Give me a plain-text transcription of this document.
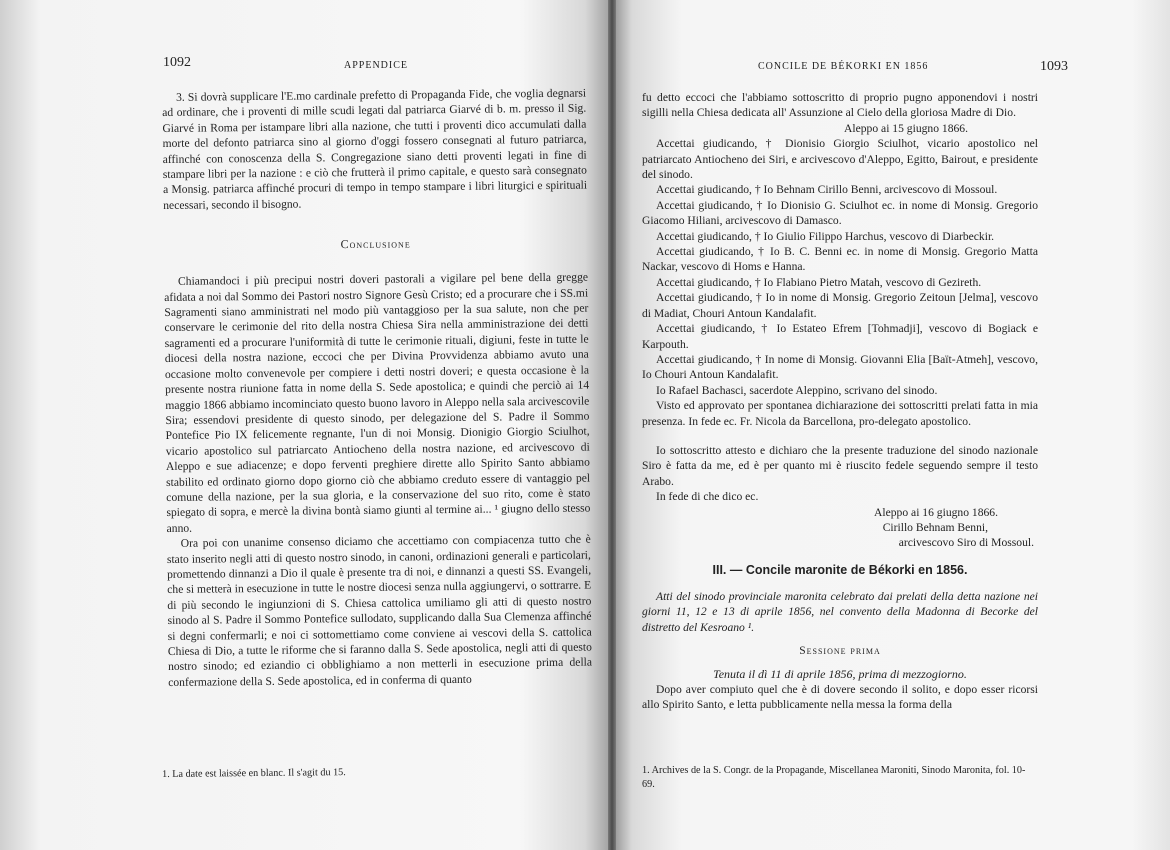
1092	APPENDICE

3. Si dovrà supplicare l'E.mo cardinale prefetto di Propaganda Fide, che voglia degnarsi ad ordinare, che i proventi di mille scudi legati dal patriarca Giarvé di b. m. presso il Sig. Giarvé in Roma per istampare libri alla nazione, che tutti i proventi dico accumulati dalla morte del defonto patriarca sino al giorno d'oggi fossero consegnati al futuro patriarca, affinché con conoscenza della S. Congregazione siano detti proventi legati in fine di stampare libri per la nazione : e ciò che frutterà il primo capitale, e questo sarà consegnato a Monsig. patriarca affinché procuri di tempo in tempo stampare i libri liturgici e spirituali necessari, secondo il bisogno.

Conclusione

Chiamandoci i più precipui nostri doveri pastorali a vigilare pel bene della gregge afidata a noi dal Sommo dei Pastori nostro Signore Gesù Cristo; ed a procurare che i SS.mi Sagramenti siano amministrati nel modo più vantaggioso per la sua salute, non che per conservare le cerimonie del rito della nostra Chiesa Sira nella amministrazione dei detti sagramenti ed a procurare l'uniformità di tutte le cerimonie rituali, digiuni, feste in tutte le diocesi della nostra nazione, eccoci che per Divina Provvidenza abbiamo avuto una occasione molto convenevole per compiere i detti nostri doveri; e questa occasione è la presente nostra riunione fatta in nome della S. Sede apostolica; e quindi che perciò ai 14 maggio 1866 abbiamo incominciato questo buono lavoro in Aleppo nella sala arcivescovile Sira; essendovi presidente di questo sinodo, per delegazione del S. Padre il Sommo Pontefice Pio IX felicemente regnante, l'un di noi Monsig. Dionigio Giorgio Sciulhot, vicario apostolico sul patriarcato Antiocheno della nostra nazione, ed arcivescovo di Aleppo e sue adiacenze; e dopo ferventi preghiere dirette allo Spirito Santo abbiamo stabilito ed ordinato giorno dopo giorno ciò che abbiamo creduto essere di vantaggio pel comune della nazione, per la sua gloria, e la conservazione del suo rito, come è stato spiegato di sopra, e mercè la divina bontà siamo giunti al termine ai... ¹ giugno dello stesso anno.

Ora poi con unanime consenso diciamo che accettiamo con compiacenza tutto che è stato inserito negli atti di questo nostro sinodo, in canoni, ordinazioni generali e particolari, promettendo dinnanzi a Dio il quale è presente tra di noi, e dinnanzi a questi SS. Evangeli, che si metterà in esecuzione in tutte le nostre diocesi senza nulla aggiungervi, o sottrarre. E di più secondo le ingiunzioni di S. Chiesa cattolica umiliamo gli atti di questo nostro sinodo al S. Padre il Sommo Pontefice sullodato, supplicando dalla Sua Clemenza affinché si degni confermarli; e noi ci sottomettiamo come conviene ai vescovi della S. cattolica Chiesa di Dio, a tutte le riforme che si faranno dalla S. Sede apostolica, negli atti di questo nostro sinodo; ed eziandio ci obblighiamo a non metterli in esecuzione prima della confermazione della S. Sede apostolica, ed in conferma di quanto

1. La date est laissée en blanc. Il s'agit du 15.

CONCILE DE BÉKORKI EN 1856	1093

fu detto eccoci che l'abbiamo sottoscritto di proprio pugno apponendovi i nostri sigilli nella Chiesa dedicata all' Assunzione al Cielo della gloriosa Madre di Dio.

Aleppo ai 15 giugno 1866.

Accettai giudicando, † Dionisio Giorgio Sciulhot, vicario apostolico nel patriarcato Antiocheno dei Siri, e arcivescovo d'Aleppo, Egitto, Bairout, e presidente del sinodo.

Accettai giudicando, † Io Behnam Cirillo Benni, arcivescovo di Mossoul.

Accettai giudicando, † Io Dionisio G. Sciulhot ec. in nome di Monsig. Gregorio Giacomo Hiliani, arcivescovo di Damasco.

Accettai giudicando, † Io Giulio Filippo Harchus, vescovo di Diarbeckir.

Accettai giudicando, † Io B. C. Benni ec. in nome di Monsig. Gregorio Matta Nackar, vescovo di Homs e Hanna.

Accettai giudicando, † Io Flabiano Pietro Matah, vescovo di Gezireth.

Accettai giudicando, † Io in nome di Monsig. Gregorio Zeitoun [Jelma], vescovo di Madiat, Chouri Antoun Kandalafit.

Accettai giudicando, † Io Estateo Efrem [Tohmadji], vescovo di Bogiack e Karpouth.

Accettai giudicando, † In nome di Monsig. Giovanni Elia [Baït-Atmeh], vescovo, Io Chouri Antoun Kandalafit.

Io Rafael Bachasci, sacerdote Aleppino, scrivano del sinodo.

Visto ed approvato per spontanea dichiarazione dei sottoscritti prelati fatta in mia presenza. In fede ec. Fr. Nicola da Barcellona, pro-delegato apostolico.

Io sottoscritto attesto e dichiaro che la presente traduzione del sinodo nazionale Siro è fatta da me, ed è per quanto mi è riuscito fedele seguendo sempre il testo Arabo.

In fede di che dico ec.

Aleppo ai 16 giugno 1866.

Cirillo Behnam Benni,

arcivescovo Siro di Mossoul.

III. — Concile maronite de Békorki en 1856.

Atti del sinodo provinciale maronita celebrato dai prelati della detta nazione nei giorni 11, 12 e 13 di aprile 1856, nel convento della Madonna di Becorke del distretto del Kesroano ¹.

Sessione prima

Tenuta il dì 11 di aprile 1856, prima di mezzogiorno.

Dopo aver compiuto quel che è di dovere secondo il solito, e dopo esser ricorsi allo Spirito Santo, e letta pubblicamente nella messa la forma della

1. Archives de la S. Congr. de la Propagande, Miscellanea Maroniti, Sinodo Maronita, fol. 10-69.
